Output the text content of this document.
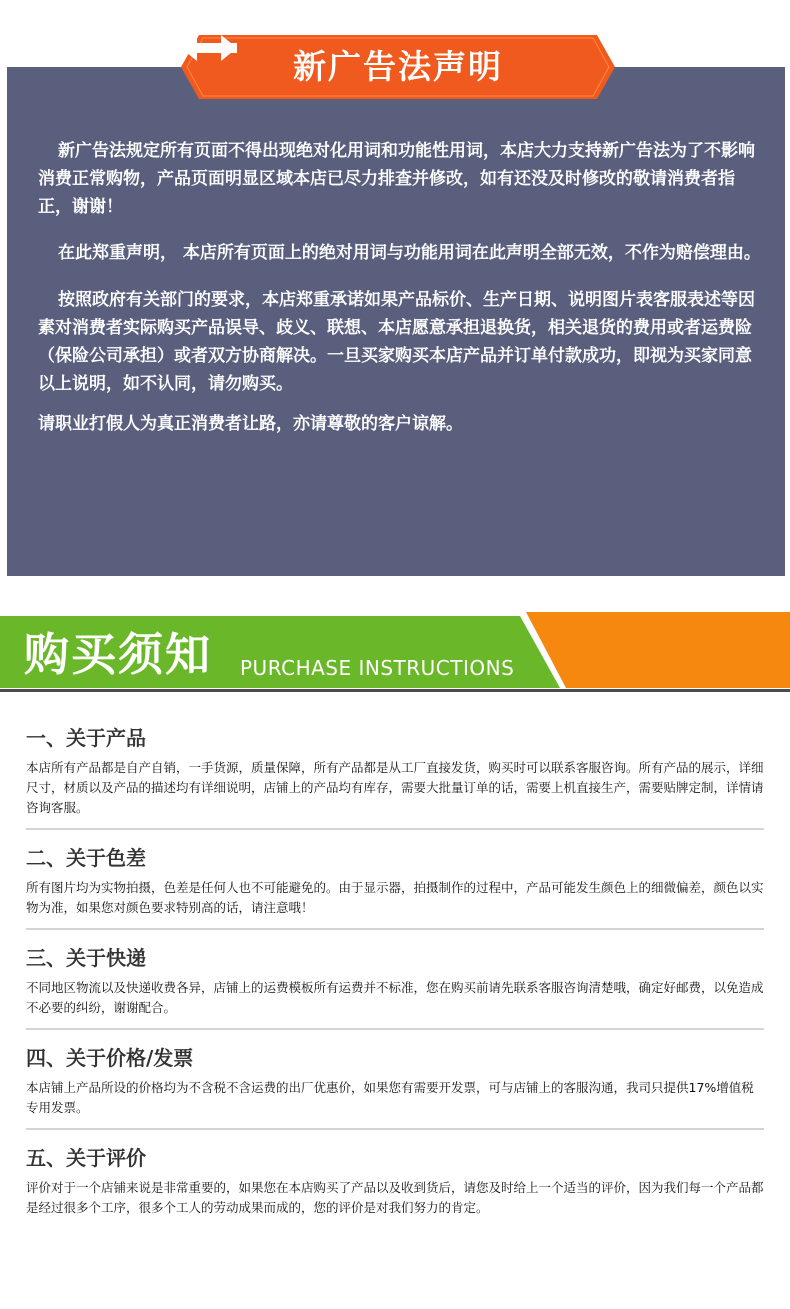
新广告法声明

新广告法规定所有页面不得出现绝对化用词和功能性用词，本店大力支持新广告法为了不影响消费正常购物，产品页面明显区域本店已尽力排查并修改，如有还没及时修改的敬请消费者指正，谢谢！

在此郑重声明， 本店所有页面上的绝对用词与功能用词在此声明全部无效，不作为赔偿理由。

按照政府有关部门的要求，本店郑重承诺如果产品标价、生产日期、说明图片表客服表述等因素对消费者实际购买产品误导、歧义、联想、本店愿意承担退换货，相关退货的费用或者运费险（保险公司承担）或者双方协商解决。一旦买家购买本店产品并订单付款成功，即视为买家同意以上说明，如不认同，请勿购买。

请职业打假人为真正消费者让路，亦请尊敬的客户谅解。

购买须知 PURCHASE INSTRUCTIONS
一、关于产品

本店所有产品都是自产自销，一手货源，质量保障，所有产品都是从工厂直接发货，购买时可以联系客服咨询。所有产品的展示，详细尺寸，材质以及产品的描述均有详细说明，店铺上的产品均有库存，需要大批量订单的话，需要上机直接生产，需要贴牌定制，详情请咨询客服。

二、关于色差

所有图片均为实物拍摄，色差是任何人也不可能避免的。由于显示器，拍摄制作的过程中，产品可能发生颜色上的细微偏差，颜色以实物为准，如果您对颜色要求特别高的话，请注意哦！

三、关于快递

不同地区物流以及快递收费各异，店铺上的运费模板所有运费并不标准，您在购买前请先联系客服咨询清楚哦，确定好邮费，以免造成不必要的纠纷，谢谢配合。

四、关于价格/发票

本店铺上产品所设的价格均为不含税不含运费的出厂优惠价，如果您有需要开发票，可与店铺上的客服沟通，我司只提供17%增值税专用发票。

五、关于评价

评价对于一个店铺来说是非常重要的，如果您在本店购买了产品以及收到货后，请您及时给上一个适当的评价，因为我们每一个产品都是经过很多个工序，很多个工人的劳动成果而成的，您的评价是对我们努力的肯定。
